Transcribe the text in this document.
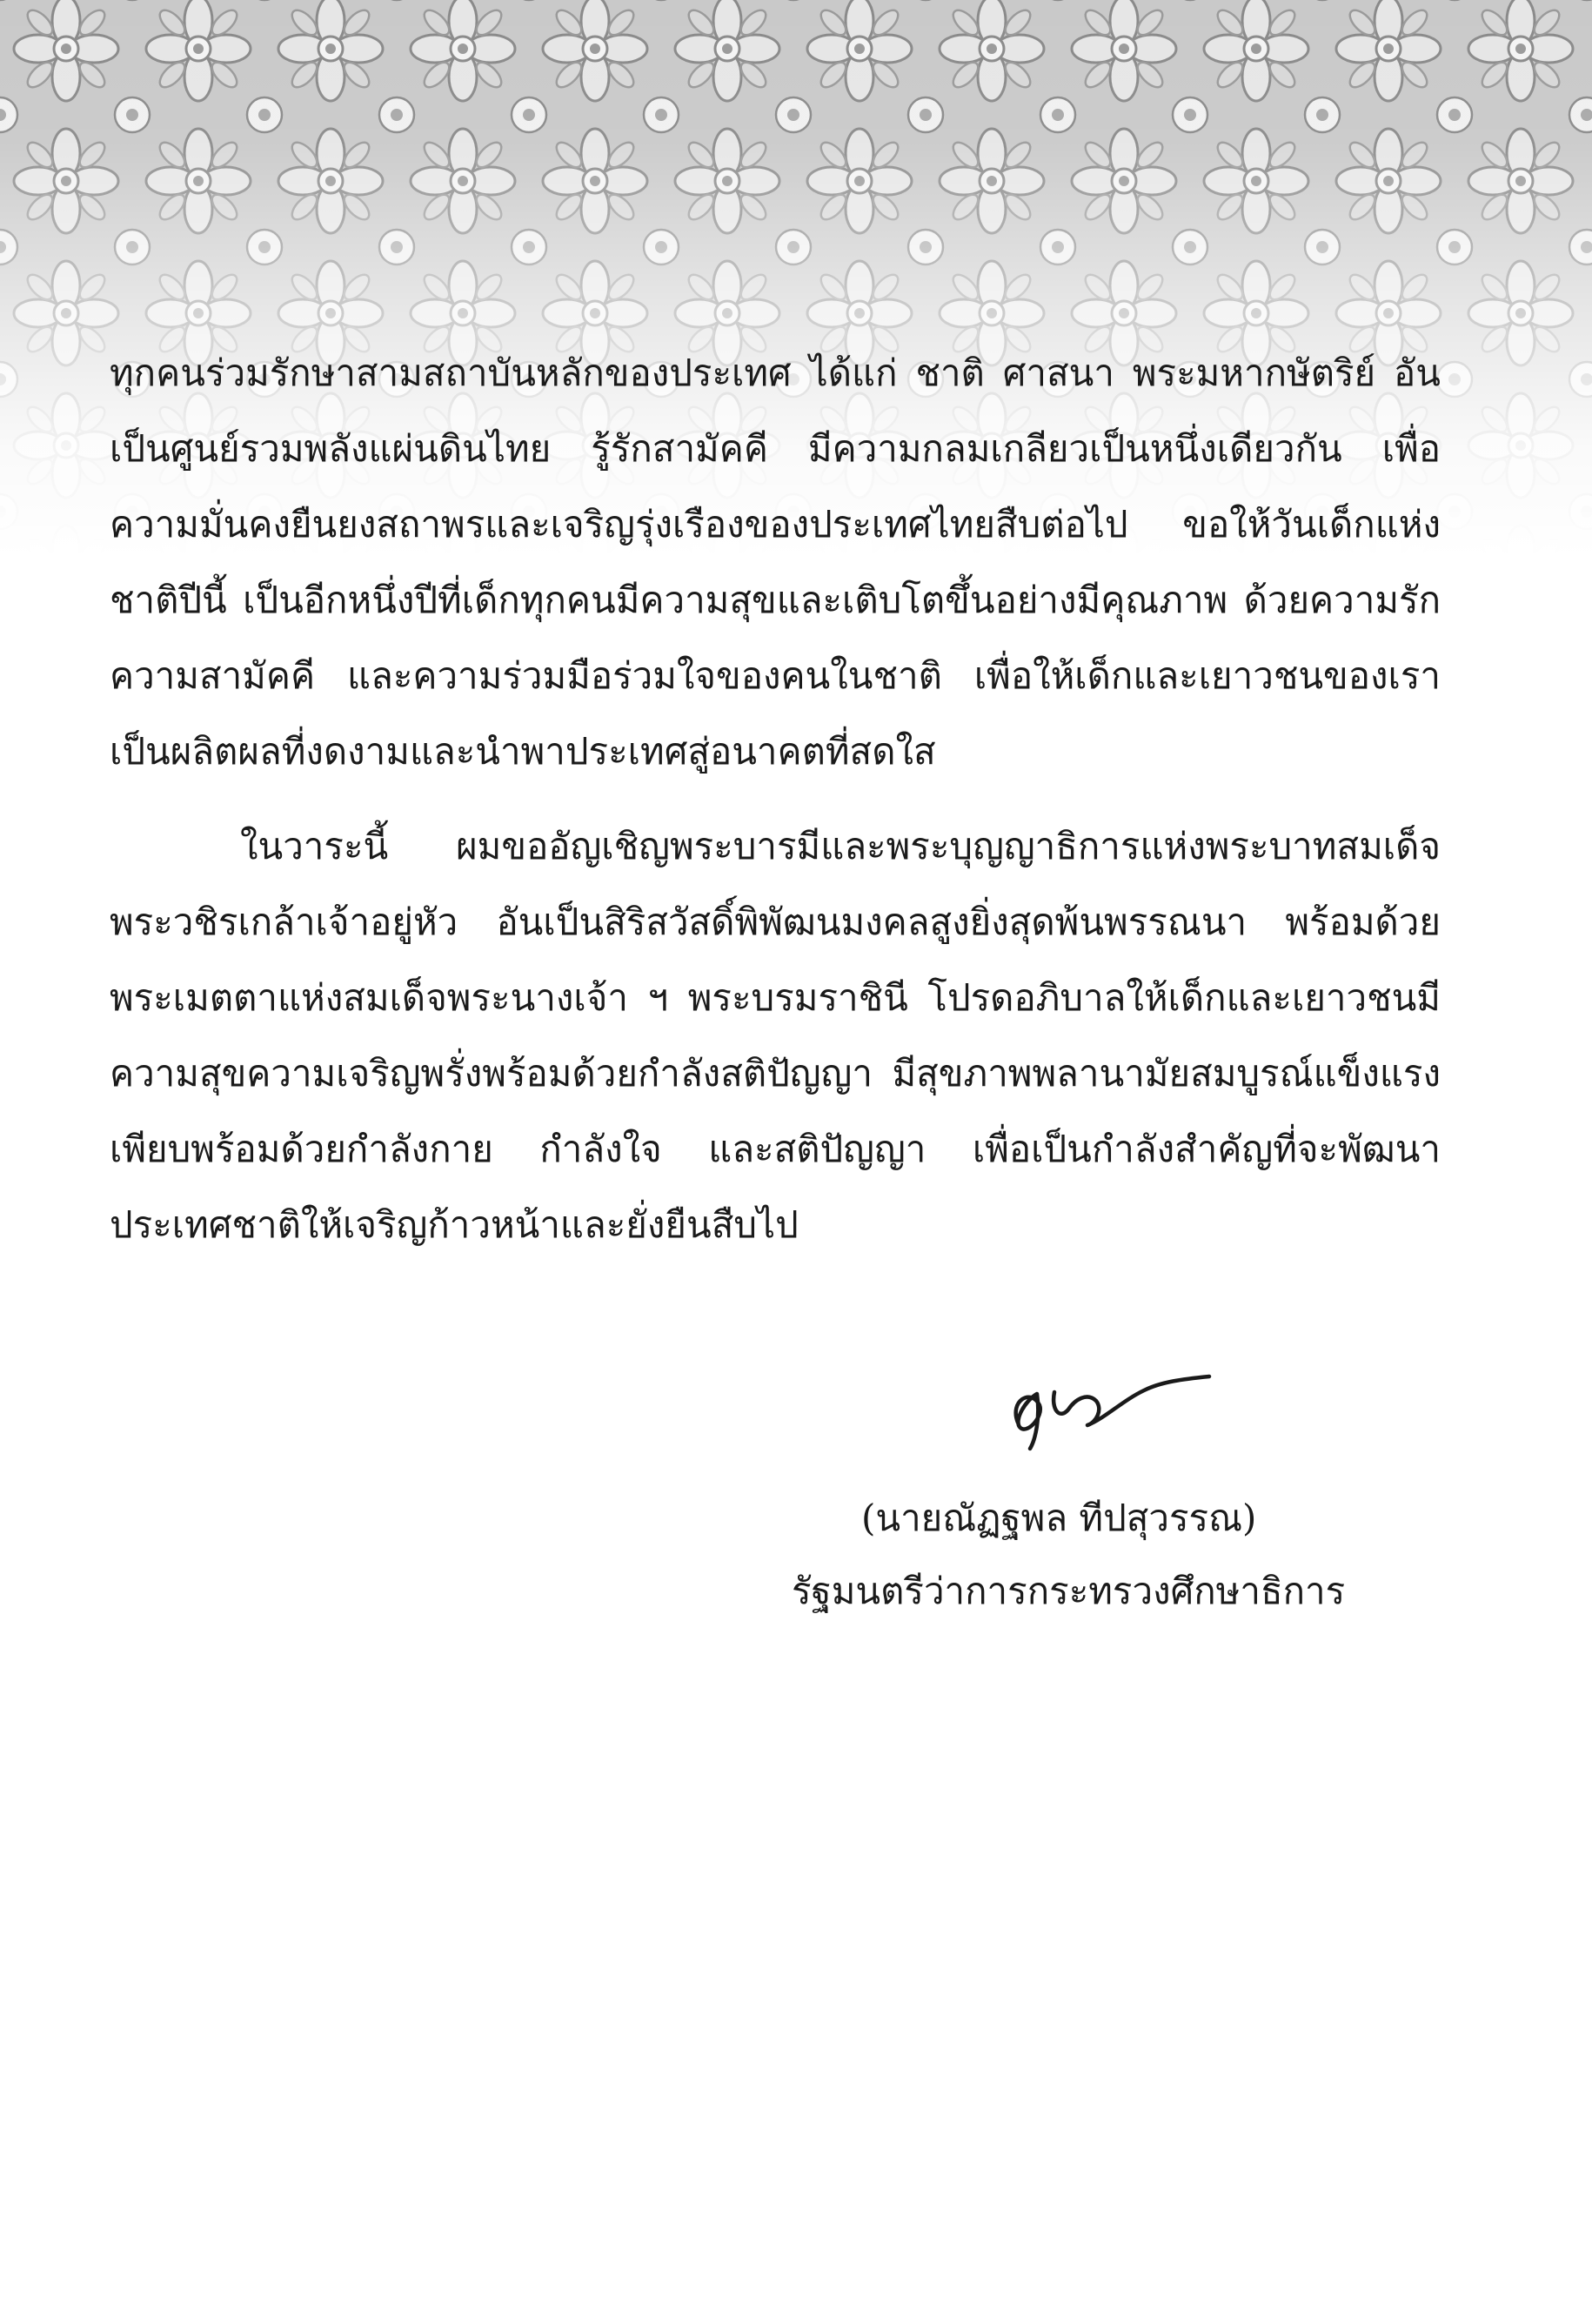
ทุกคนร่วมรักษาสามสถาบันหลักของประเทศ ได้แก่ ชาติ ศาสนา พระมหากษัตริย์ อันเป็นศูนย์รวมพลังแผ่นดินไทย รู้รักสามัคคี มีความกลมเกลียวเป็นหนึ่งเดียวกัน เพื่อความมั่นคงยืนยงสถาพรและเจริญรุ่งเรืองของประเทศไทยสืบต่อไป ขอให้วันเด็กแห่งชาติปีนี้ เป็นอีกหนึ่งปีที่เด็กทุกคนมีความสุขและเติบโตขึ้นอย่างมีคุณภาพ ด้วยความรัก ความสามัคคี และความร่วมมือร่วมใจของคนในชาติ เพื่อให้เด็กและเยาวชนของเราเป็นผลิตผลที่งดงามและนำพาประเทศสู่อนาคตที่สดใส

ในวาระนี้ ผมขออัญเชิญพระบารมีและพระบุญญาธิการแห่งพระบาทสมเด็จพระวชิรเกล้าเจ้าอยู่หัว อันเป็นสิริสวัสดิ์พิพัฒนมงคลสูงยิ่งสุดพ้นพรรณนา พร้อมด้วยพระเมตตาแห่งสมเด็จพระนางเจ้า ฯ พระบรมราชินี โปรดอภิบาลให้เด็กและเยาวชนมีความสุขความเจริญพรั่งพร้อมด้วยกำลังสติปัญญา มีสุขภาพพลานามัยสมบูรณ์แข็งแรง เพียบพร้อมด้วยกำลังกาย กำลังใจ และสติปัญญา เพื่อเป็นกำลังสำคัญที่จะพัฒนาประเทศชาติให้เจริญก้าวหน้าและยั่งยืนสืบไป

(นายณัฏฐพล ทีปสุวรรณ)
รัฐมนตรีว่าการกระทรวงศึกษาธิการ
